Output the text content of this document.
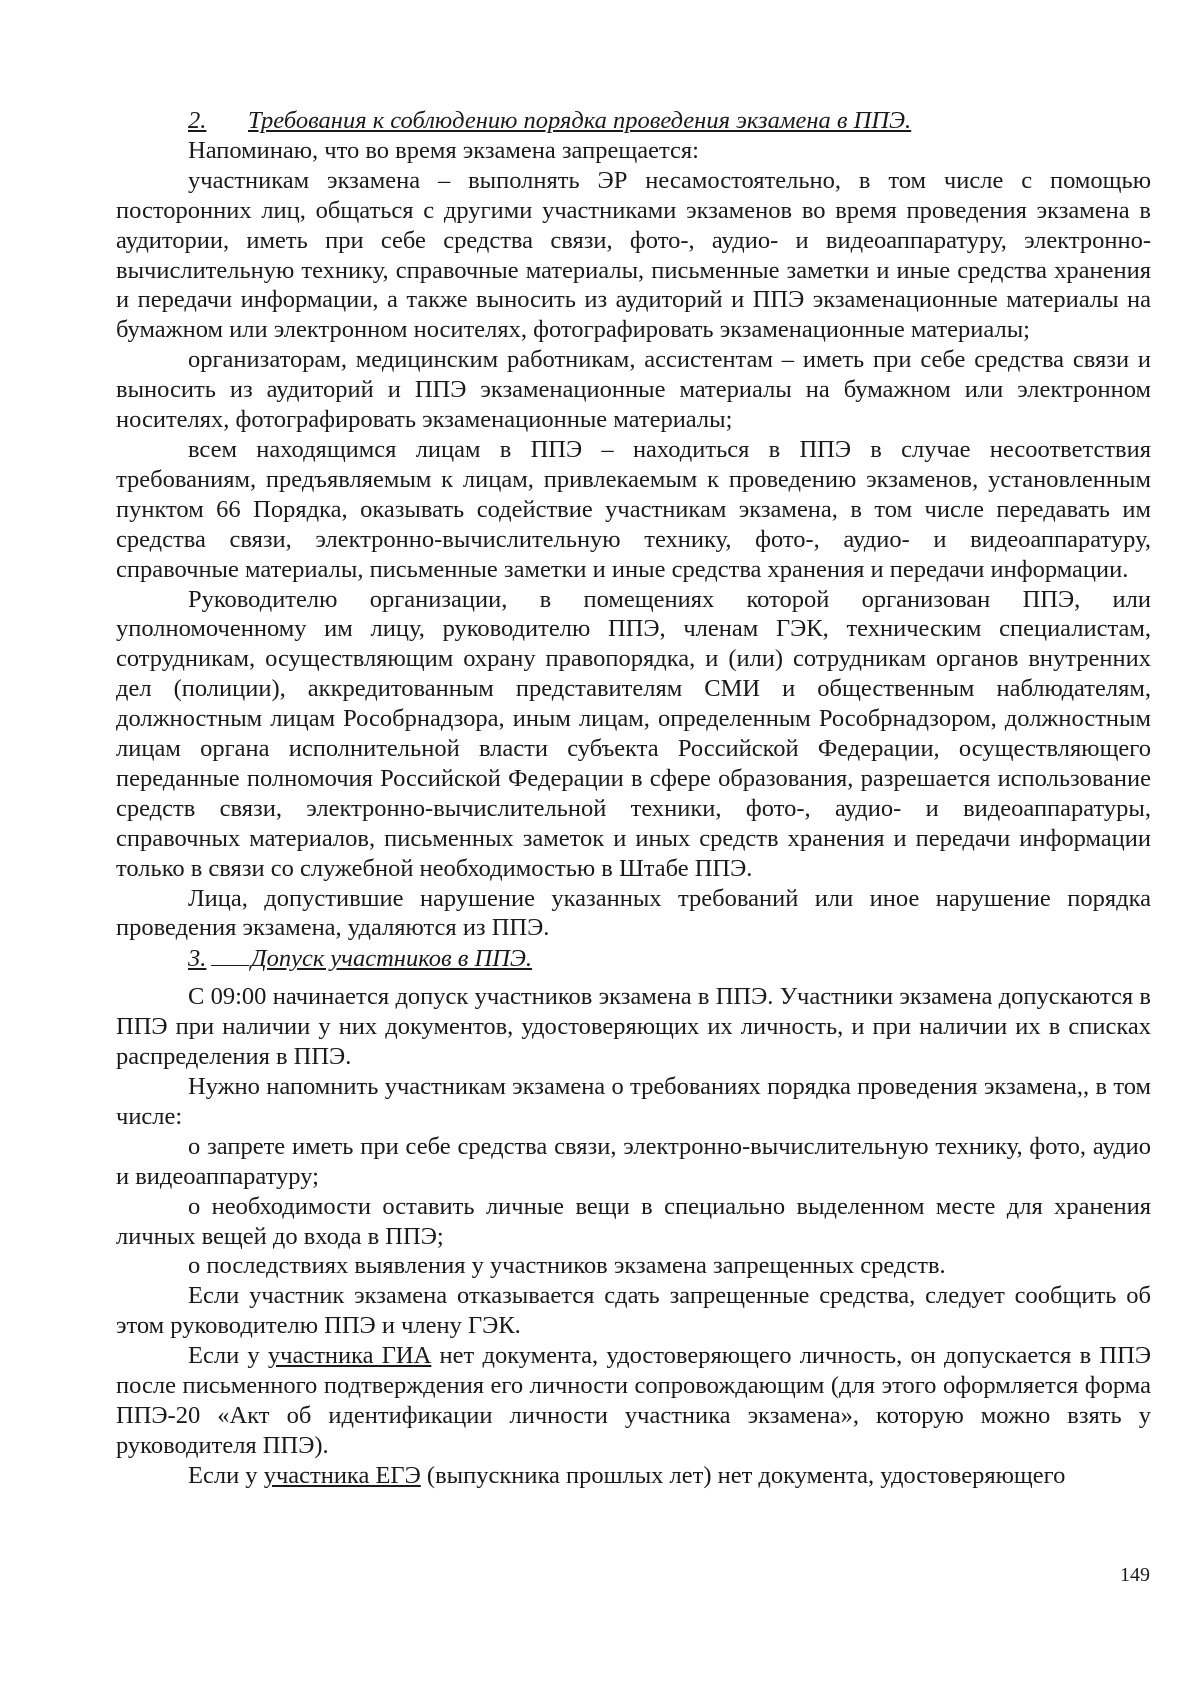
2. Требования к соблюдению порядка проведения экзамена в ППЭ.

Напоминаю, что во время экзамена запрещается:

участникам экзамена – выполнять ЭР несамостоятельно, в том числе с помощью посторонних лиц, общаться с другими участниками экзаменов во время проведения экзамена в аудитории, иметь при себе средства связи, фото-, аудио- и видеоаппаратуру, электронно-вычислительную технику, справочные материалы, письменные заметки и иные средства хранения и передачи информации, а также выносить из аудиторий и ППЭ экзаменационные материалы на бумажном или электронном носителях, фотографировать экзаменационные материалы;

организаторам, медицинским работникам, ассистентам – иметь при себе средства связи и выносить из аудиторий и ППЭ экзаменационные материалы на бумажном или электронном носителях, фотографировать экзаменационные материалы;

всем находящимся лицам в ППЭ – находиться в ППЭ в случае несоответствия требованиям, предъявляемым к лицам, привлекаемым к проведению экзаменов, установленным пунктом 66 Порядка, оказывать содействие участникам экзамена, в том числе передавать им средства связи, электронно-вычислительную технику, фото-, аудио- и видеоаппаратуру, справочные материалы, письменные заметки и иные средства хранения и передачи информации.

Руководителю организации, в помещениях которой организован ППЭ, или уполномоченному им лицу, руководителю ППЭ, членам ГЭК, техническим специалистам, сотрудникам, осуществляющим охрану правопорядка, и (или) сотрудникам органов внутренних дел (полиции), аккредитованным представителям СМИ и общественным наблюдателям, должностным лицам Рособрнадзора, иным лицам, определенным Рособрнадзором, должностным лицам органа исполнительной власти субъекта Российской Федерации, осуществляющего переданные полномочия Российской Федерации в сфере образования, разрешается использование средств связи, электронно-вычислительной техники, фото-, аудио- и видеоаппаратуры, справочных материалов, письменных заметок и иных средств хранения и передачи информации только в связи со служебной необходимостью в Штабе ППЭ.

Лица, допустившие нарушение указанных требований или иное нарушение порядка проведения экзамена, удаляются из ППЭ.

3. Допуск участников в ППЭ.

С 09:00 начинается допуск участников экзамена в ППЭ. Участники экзамена допускаются в ППЭ при наличии у них документов, удостоверяющих их личность, и при наличии их в списках распределения в ППЭ.

Нужно напомнить участникам экзамена о требованиях порядка проведения экзамена,, в том числе:

о запрете иметь при себе средства связи, электронно-вычислительную технику, фото, аудио и видеоаппаратуру;

о необходимости оставить личные вещи в специально выделенном месте для хранения личных вещей до входа в ППЭ;

о последствиях выявления у участников экзамена запрещенных средств.

Если участник экзамена отказывается сдать запрещенные средства, следует сообщить об этом руководителю ППЭ и члену ГЭК.

Если у участника ГИА нет документа, удостоверяющего личность, он допускается в ППЭ после письменного подтверждения его личности сопровождающим (для этого оформляется форма ППЭ-20 «Акт об идентификации личности участника экзамена», которую можно взять у руководителя ППЭ).

Если у участника ЕГЭ (выпускника прошлых лет) нет документа, удостоверяющего

149
